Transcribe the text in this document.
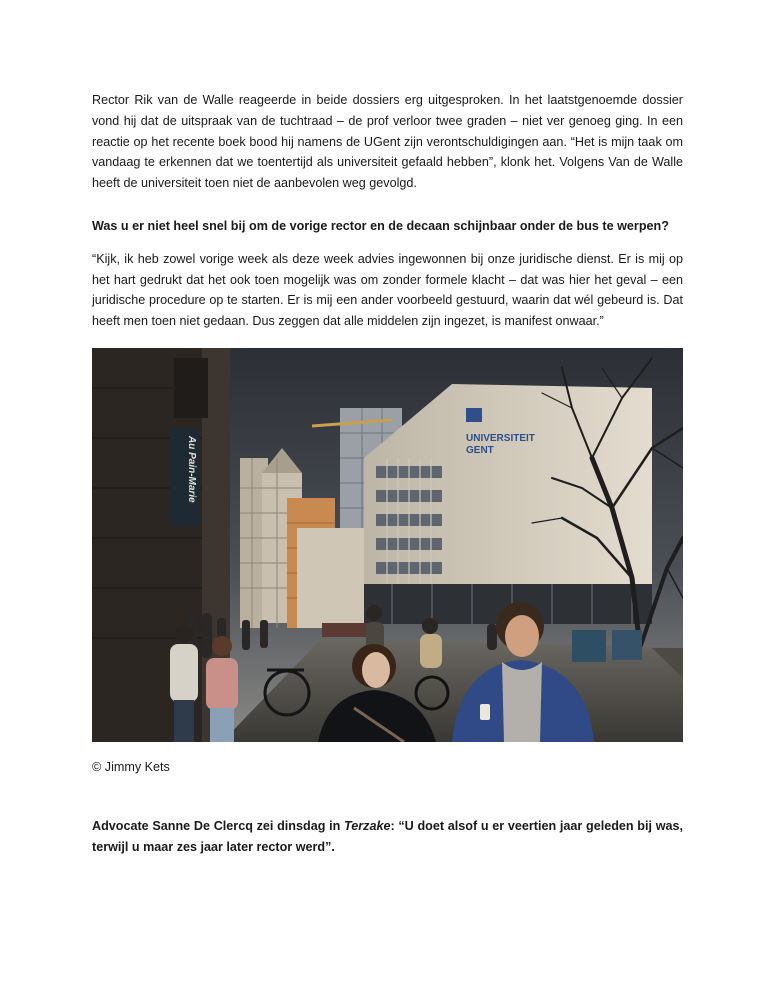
Rector Rik van de Walle reageerde in beide dossiers erg uitgesproken. In het laatstgenoemde dossier vond hij dat de uitspraak van de tuchtraad – de prof verloor twee graden – niet ver genoeg ging. In een reactie op het recente boek bood hij namens de UGent zijn verontschuldigingen aan. “Het is mijn taak om vandaag te erkennen dat we toentertijd als universiteit gefaald hebben”, klonk het. Volgens Van de Walle heeft de universiteit toen niet de aanbevolen weg gevolgd.

Was u er niet heel snel bij om de vorige rector en de decaan schijnbaar onder de bus te werpen?

“Kijk, ik heb zowel vorige week als deze week advies ingewonnen bij onze juridische dienst. Er is mij op het hart gedrukt dat het ook toen mogelijk was om zonder formele klacht – dat was hier het geval – een juridische procedure op te starten. Er is mij een ander voorbeeld gestuurd, waarin dat wél gebeurd is. Dat heeft men toen niet gedaan. Dus zeggen dat alle middelen zijn ingezet, is manifest onwaar.”

UNIVERSITEIT
GENT
Au Pain-Marie

© Jimmy Kets

Advocate Sanne De Clercq zei dinsdag in Terzake: “U doet alsof u er veertien jaar geleden bij was, terwijl u maar zes jaar later rector werd”.
